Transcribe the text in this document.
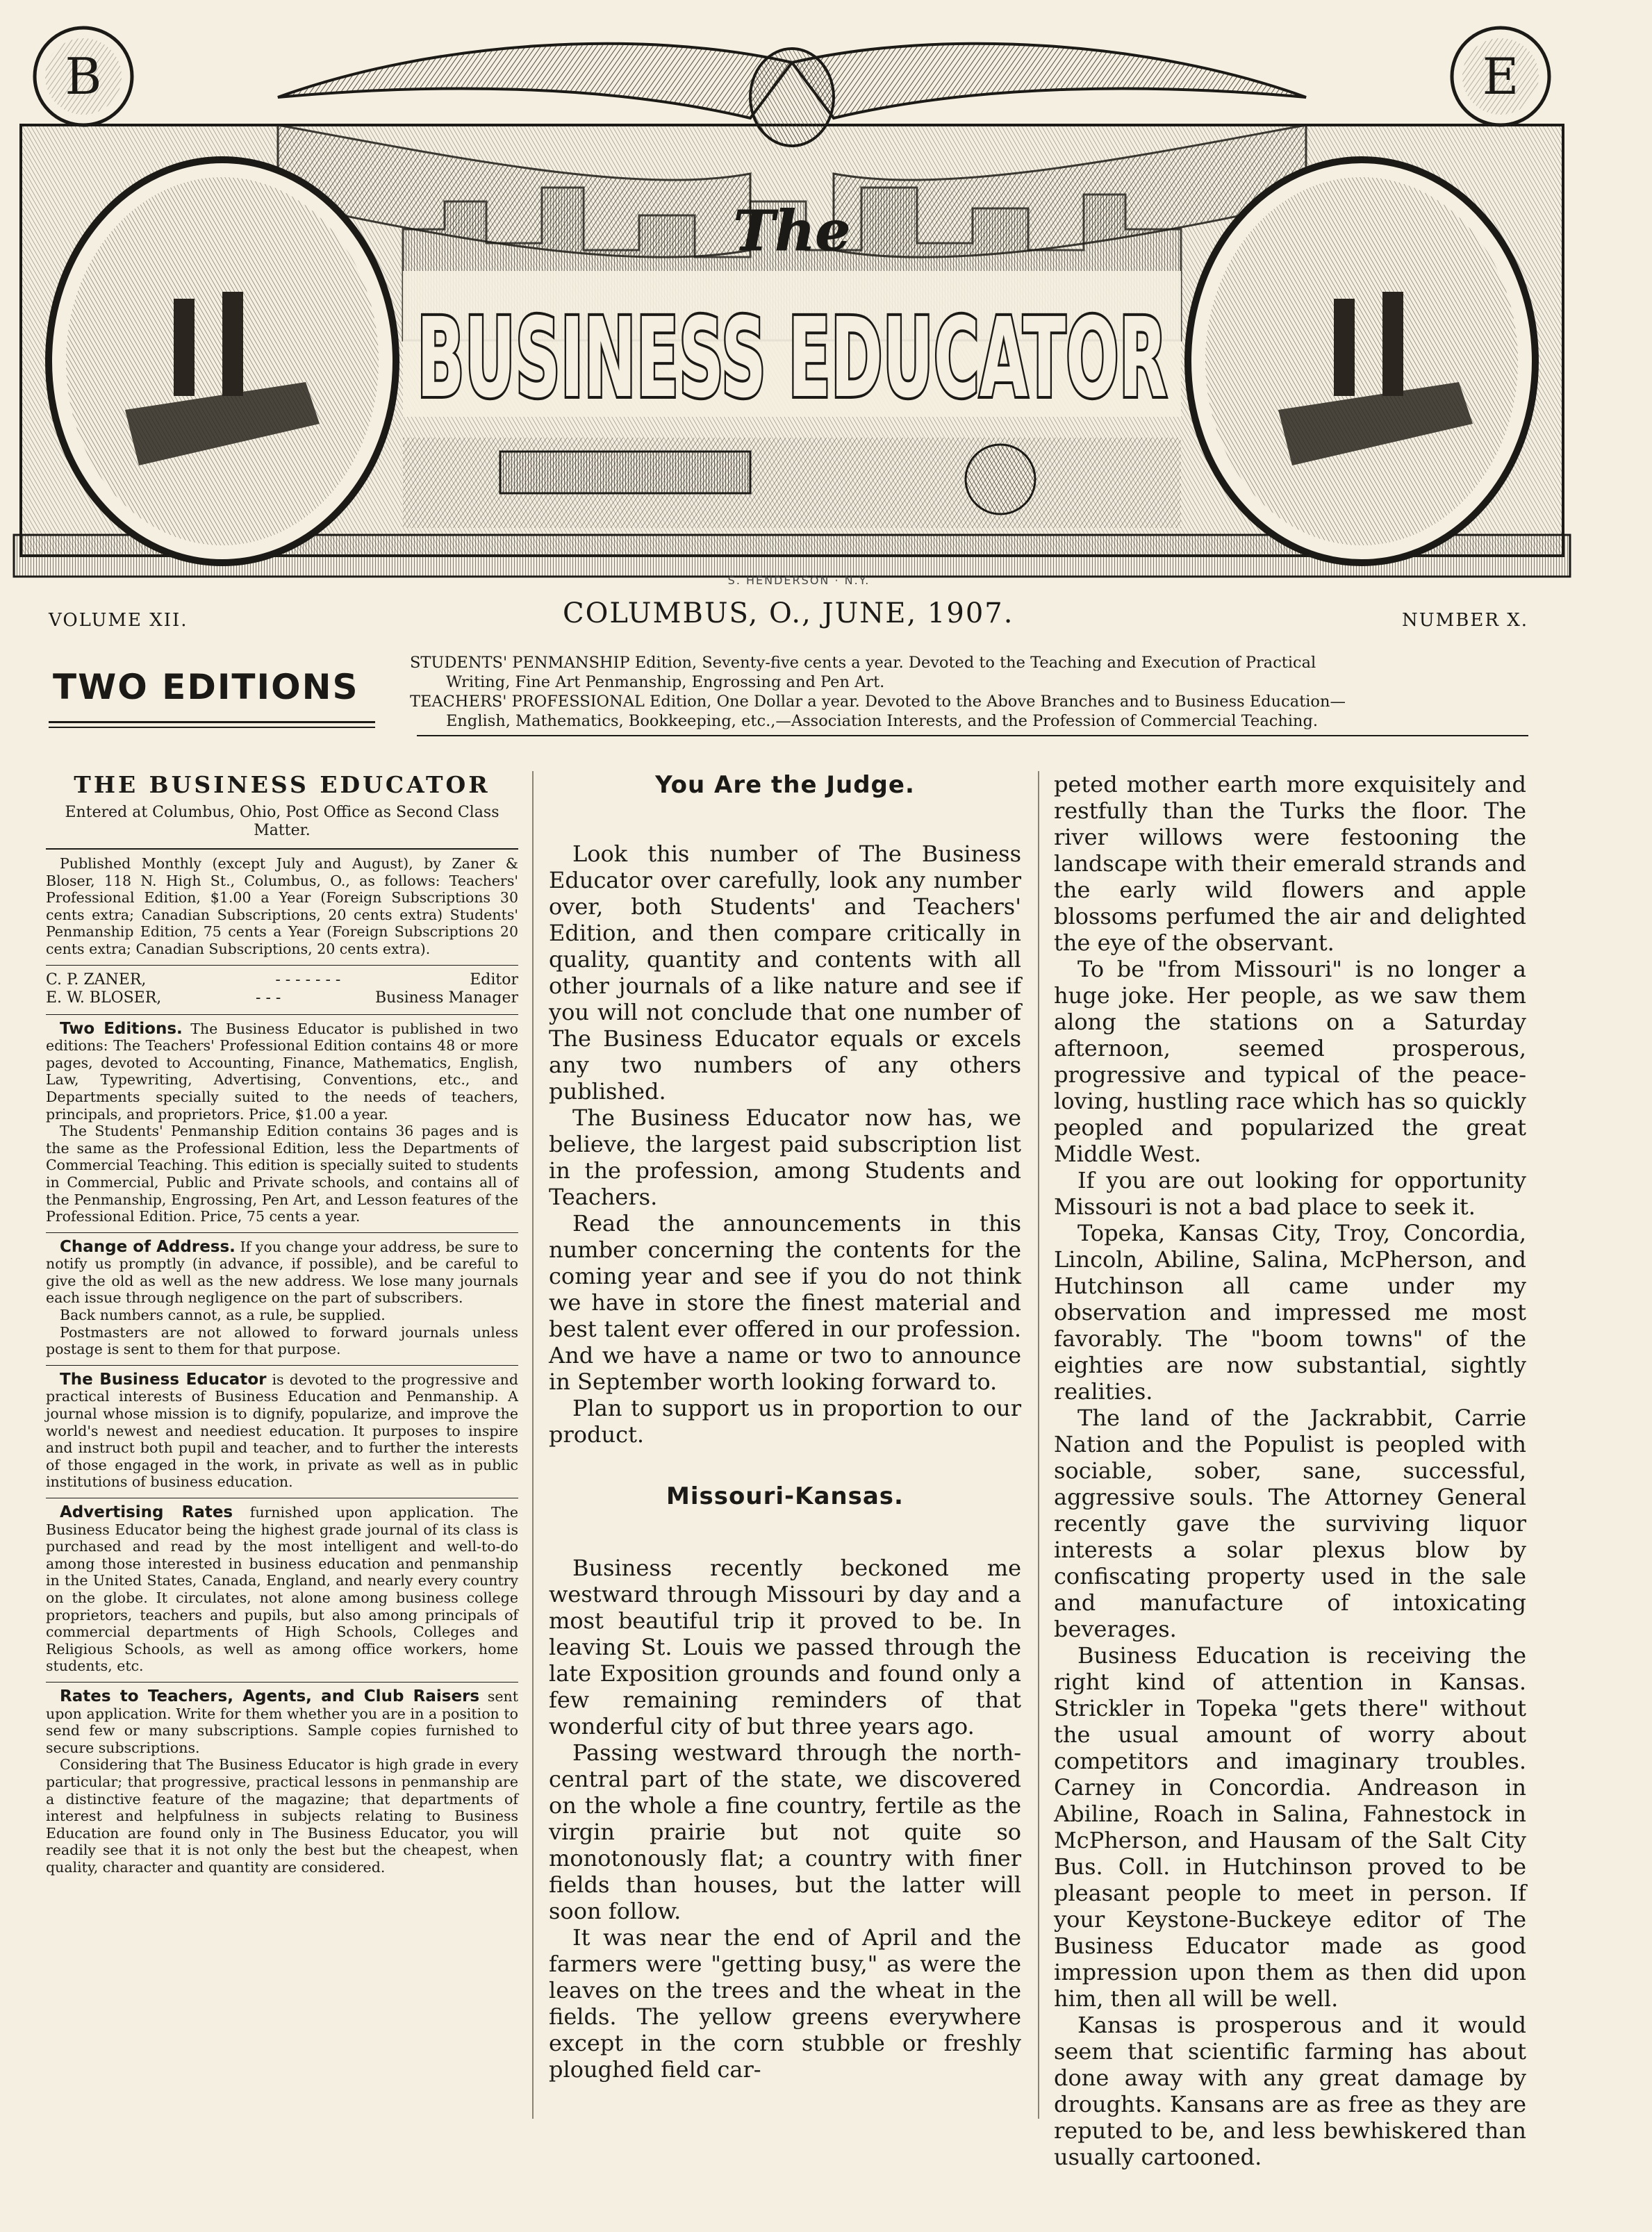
The
BUSINESS EDUCATOR
B	E
S. HENDERSON · N.Y.
VOLUME XII.	COLUMBUS, O., JUNE, 1907.	NUMBER X.
TWO EDITIONS
STUDENTS' PENMANSHIP Edition, Seventy-five cents a year. Devoted to the Teaching and Execution of Practical
Writing, Fine Art Penmanship, Engrossing and Pen Art.
TEACHERS' PROFESSIONAL Edition, One Dollar a year. Devoted to the Above Branches and to Business Education—
English, Mathematics, Bookkeeping, etc.,—Association Interests, and the Profession of Commercial Teaching.
THE BUSINESS EDUCATOR
Entered at Columbus, Ohio, Post Office as Second Class Matter.

Published Monthly (except July and August), by Zaner & Bloser, 118 N. High St., Columbus, O., as follows: Teachers' Professional Edition, $1.00 a Year (Foreign Subscriptions 30 cents extra; Canadian Subscriptions, 20 cents extra) Students' Penmanship Edition, 75 cents a Year (Foreign Subscriptions 20 cents extra; Canadian Subscriptions, 20 cents extra).

C. P. ZANER,	- - - - - - -	Editor
E. W. BLOSER,	- - -	Business Manager

Two Editions. The Business Educator is published in two editions: The Teachers' Professional Edition contains 48 or more pages, devoted to Accounting, Finance, Mathematics, English, Law, Typewriting, Advertising, Conventions, etc., and Departments specially suited to the needs of teachers, principals, and proprietors. Price, $1.00 a year.

The Students' Penmanship Edition contains 36 pages and is the same as the Professional Edition, less the Departments of Commercial Teaching. This edition is specially suited to students in Commercial, Public and Private schools, and contains all of the Penmanship, Engrossing, Pen Art, and Lesson features of the Professional Edition. Price, 75 cents a year.

Change of Address. If you change your address, be sure to notify us promptly (in advance, if possible), and be careful to give the old as well as the new address. We lose many journals each issue through negligence on the part of subscribers.

Back numbers cannot, as a rule, be supplied.

Postmasters are not allowed to forward journals unless postage is sent to them for that purpose.

The Business Educator is devoted to the progressive and practical interests of Business Education and Penmanship. A journal whose mission is to dignify, popularize, and improve the world's newest and neediest education. It purposes to inspire and instruct both pupil and teacher, and to further the interests of those engaged in the work, in private as well as in public institutions of business education.

Advertising Rates furnished upon application. The Business Educator being the highest grade journal of its class is purchased and read by the most intelligent and well-to-do among those interested in business education and penmanship in the United States, Canada, England, and nearly every country on the globe. It circulates, not alone among business college proprietors, teachers and pupils, but also among principals of commercial departments of High Schools, Colleges and Religious Schools, as well as among office workers, home students, etc.

Rates to Teachers, Agents, and Club Raisers sent upon application. Write for them whether you are in a position to send few or many subscriptions. Sample copies furnished to secure subscriptions.

Considering that The Business Educator is high grade in every particular; that progressive, practical lessons in penmanship are a distinctive feature of the magazine; that departments of interest and helpfulness in subjects relating to Business Education are found only in The Business Educator, you will readily see that it is not only the best but the cheapest, when quality, character and quantity are considered.

You Are the Judge.

Look this number of The Business Educator over carefully, look any number over, both Students' and Teachers' Edition, and then compare critically in quality, quantity and contents with all other journals of a like nature and see if you will not conclude that one number of The Business Educator equals or excels any two numbers of any others published.

The Business Educator now has, we believe, the largest paid subscription list in the profession, among Students and Teachers.

Read the announcements in this number concerning the contents for the coming year and see if you do not think we have in store the finest material and best talent ever offered in our profession. And we have a name or two to announce in September worth looking forward to.

Plan to support us in proportion to our product.

Missouri-Kansas.

Business recently beckoned me westward through Missouri by day and a most beautiful trip it proved to be. In leaving St. Louis we passed through the late Exposition grounds and found only a few remaining reminders of that wonderful city of but three years ago.

Passing westward through the north-central part of the state, we discovered on the whole a fine country, fertile as the virgin prairie but not quite so monotonously flat; a country with finer fields than houses, but the latter will soon follow.

It was near the end of April and the farmers were "getting busy," as were the leaves on the trees and the wheat in the fields. The yellow greens everywhere except in the corn stubble or freshly ploughed field car-

peted mother earth more exquisitely and restfully than the Turks the floor. The river willows were festooning the landscape with their emerald strands and the early wild flowers and apple blossoms perfumed the air and delighted the eye of the observant.

To be "from Missouri" is no longer a huge joke. Her people, as we saw them along the stations on a Saturday afternoon, seemed prosperous, progressive and typical of the peace-loving, hustling race which has so quickly peopled and popularized the great Middle West.

If you are out looking for opportunity Missouri is not a bad place to seek it.

Topeka, Kansas City, Troy, Concordia, Lincoln, Abiline, Salina, McPherson, and Hutchinson all came under my observation and impressed me most favorably. The "boom towns" of the eighties are now substantial, sightly realities.

The land of the Jackrabbit, Carrie Nation and the Populist is peopled with sociable, sober, sane, successful, aggressive souls. The Attorney General recently gave the surviving liquor interests a solar plexus blow by confiscating property used in the sale and manufacture of intoxicating beverages.

Business Education is receiving the right kind of attention in Kansas. Strickler in Topeka "gets there" without the usual amount of worry about competitors and imaginary troubles. Carney in Concordia. Andreason in Abiline, Roach in Salina, Fahnestock in McPherson, and Hausam of the Salt City Bus. Coll. in Hutchinson proved to be pleasant people to meet in person. If your Keystone-Buckeye editor of The Business Educator made as good impression upon them as then did upon him, then all will be well.

Kansas is prosperous and it would seem that scientific farming has about done away with any great damage by droughts. Kansans are as free as they are reputed to be, and less bewhiskered than usually cartooned.
